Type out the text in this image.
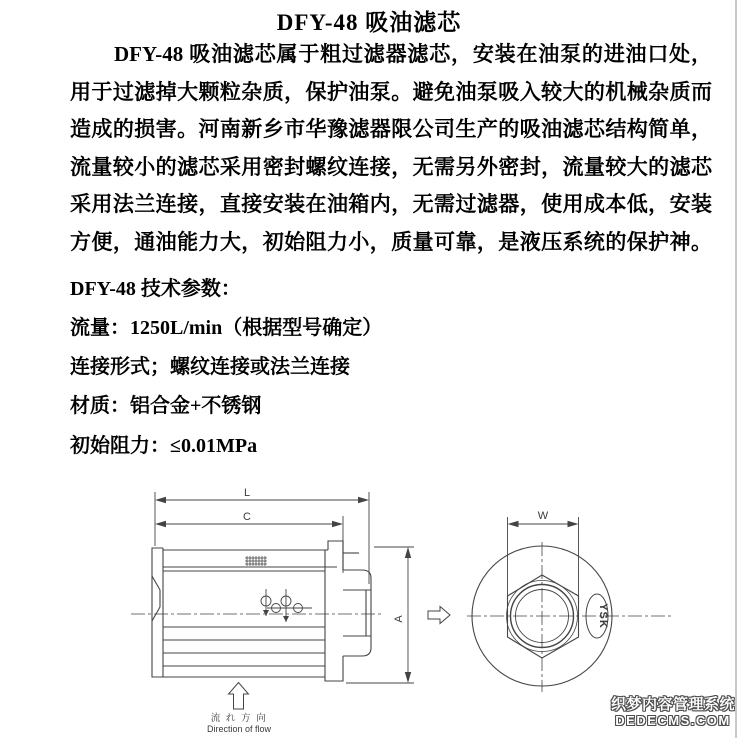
DFY-48 吸油滤芯
DFY-48 吸油滤芯属于粗过滤器滤芯，安装在油泵的进油口处，
用于过滤掉大颗粒杂质，保护油泵。避免油泵吸入较大的机械杂质而
造成的损害。河南新乡市华豫滤器限公司生产的吸油滤芯结构简单，
流量较小的滤芯采用密封螺纹连接，无需另外密封，流量较大的滤芯
采用法兰连接，直接安装在油箱内，无需过滤器，使用成本低，安装
方便，通油能力大，初始阻力小，质量可靠，是液压系统的保护神。
DFY-48 技术参数：
流量：1250L/min（根据型号确定）
连接形式；螺纹连接或法兰连接
材质：铝合金+不锈钢
初始阻力：≤0.01MPa
L
C
A
流 れ 方 向
Direction of flow
W
YSK
织梦内容管理系统
DEDECMS.COM
